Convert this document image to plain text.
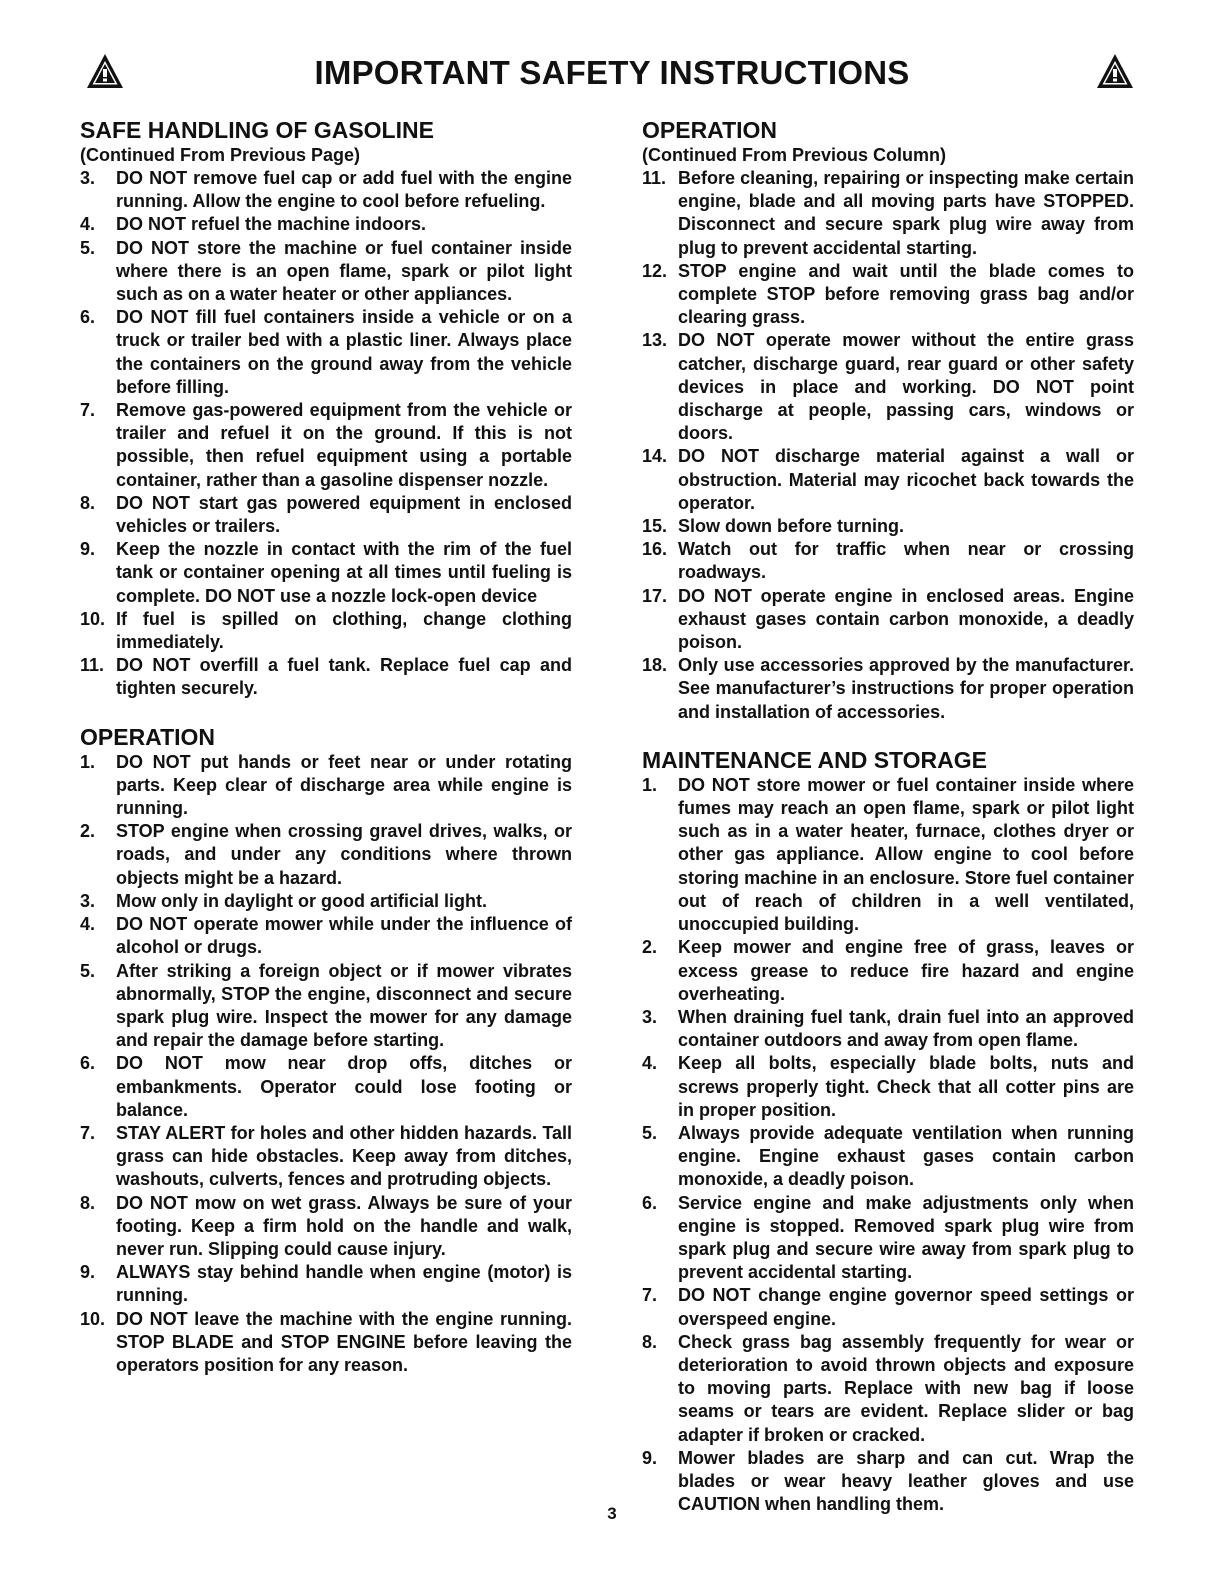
IMPORTANT SAFETY INSTRUCTIONS
SAFE HANDLING OF GASOLINE

(Continued From Previous Page)

3. DO NOT remove fuel cap or add fuel with the engine running. Allow the engine to cool before refueling.
4. DO NOT refuel the machine indoors.
5. DO NOT store the machine or fuel container inside where there is an open flame, spark or pilot light such as on a water heater or other appliances.
6. DO NOT fill fuel containers inside a vehicle or on a truck or trailer bed with a plastic liner. Always place the containers on the ground away from the vehicle before filling.
7. Remove gas-powered equipment from the vehicle or trailer and refuel it on the ground. If this is not possible, then refuel equipment using a portable container, rather than a gasoline dispenser nozzle.
8. DO NOT start gas powered equipment in enclosed vehicles or trailers.
9. Keep the nozzle in contact with the rim of the fuel tank or container opening at all times until fueling is complete. DO NOT use a nozzle lock-open device
10. If fuel is spilled on clothing, change clothing immediately.
11. DO NOT overfill a fuel tank. Replace fuel cap and tighten securely.
OPERATION
1. DO NOT put hands or feet near or under rotating parts. Keep clear of discharge area while engine is running.
2. STOP engine when crossing gravel drives, walks, or roads, and under any conditions where thrown objects might be a hazard.
3. Mow only in daylight or good artificial light.
4. DO NOT operate mower while under the influence of alcohol or drugs.
5. After striking a foreign object or if mower vibrates abnormally, STOP the engine, disconnect and secure spark plug wire. Inspect the mower for any damage and repair the damage before starting.
6. DO NOT mow near drop offs, ditches or embankments. Operator could lose footing or balance.
7. STAY ALERT for holes and other hidden hazards. Tall grass can hide obstacles. Keep away from ditches, washouts, culverts, fences and protruding objects.
8. DO NOT mow on wet grass. Always be sure of your footing. Keep a firm hold on the handle and walk, never run. Slipping could cause injury.
9. ALWAYS stay behind handle when engine (motor) is running.
10. DO NOT leave the machine with the engine running. STOP BLADE and STOP ENGINE before leaving the operators position for any reason.
OPERATION

(Continued From Previous Column)

11. Before cleaning, repairing or inspecting make certain engine, blade and all moving parts have STOPPED. Disconnect and secure spark plug wire away from plug to prevent accidental starting.
12. STOP engine and wait until the blade comes to complete STOP before removing grass bag and/or clearing grass.
13. DO NOT operate mower without the entire grass catcher, discharge guard, rear guard or other safety devices in place and working. DO NOT point discharge at people, passing cars, windows or doors.
14. DO NOT discharge material against a wall or obstruction. Material may ricochet back towards the operator.
15. Slow down before turning.
16. Watch out for traffic when near or crossing roadways.
17. DO NOT operate engine in enclosed areas. Engine exhaust gases contain carbon monoxide, a deadly poison.
18. Only use accessories approved by the manufacturer. See manufacturer’s instructions for proper operation and installation of accessories.
MAINTENANCE AND STORAGE
1. DO NOT store mower or fuel container inside where fumes may reach an open flame, spark or pilot light such as in a water heater, furnace, clothes dryer or other gas appliance. Allow engine to cool before storing machine in an enclosure. Store fuel container out of reach of children in a well ventilated, unoccupied building.
2. Keep mower and engine free of grass, leaves or excess grease to reduce fire hazard and engine overheating.
3. When draining fuel tank, drain fuel into an approved container outdoors and away from open flame.
4. Keep all bolts, especially blade bolts, nuts and screws properly tight. Check that all cotter pins are in proper position.
5. Always provide adequate ventilation when running engine. Engine exhaust gases contain carbon monoxide, a deadly poison.
6. Service engine and make adjustments only when engine is stopped. Removed spark plug wire from spark plug and secure wire away from spark plug to prevent accidental starting.
7. DO NOT change engine governor speed settings or overspeed engine.
8. Check grass bag assembly frequently for wear or deterioration to avoid thrown objects and exposure to moving parts. Replace with new bag if loose seams or tears are evident. Replace slider or bag adapter if broken or cracked.
9. Mower blades are sharp and can cut. Wrap the blades or wear heavy leather gloves and use CAUTION when handling them.
3
